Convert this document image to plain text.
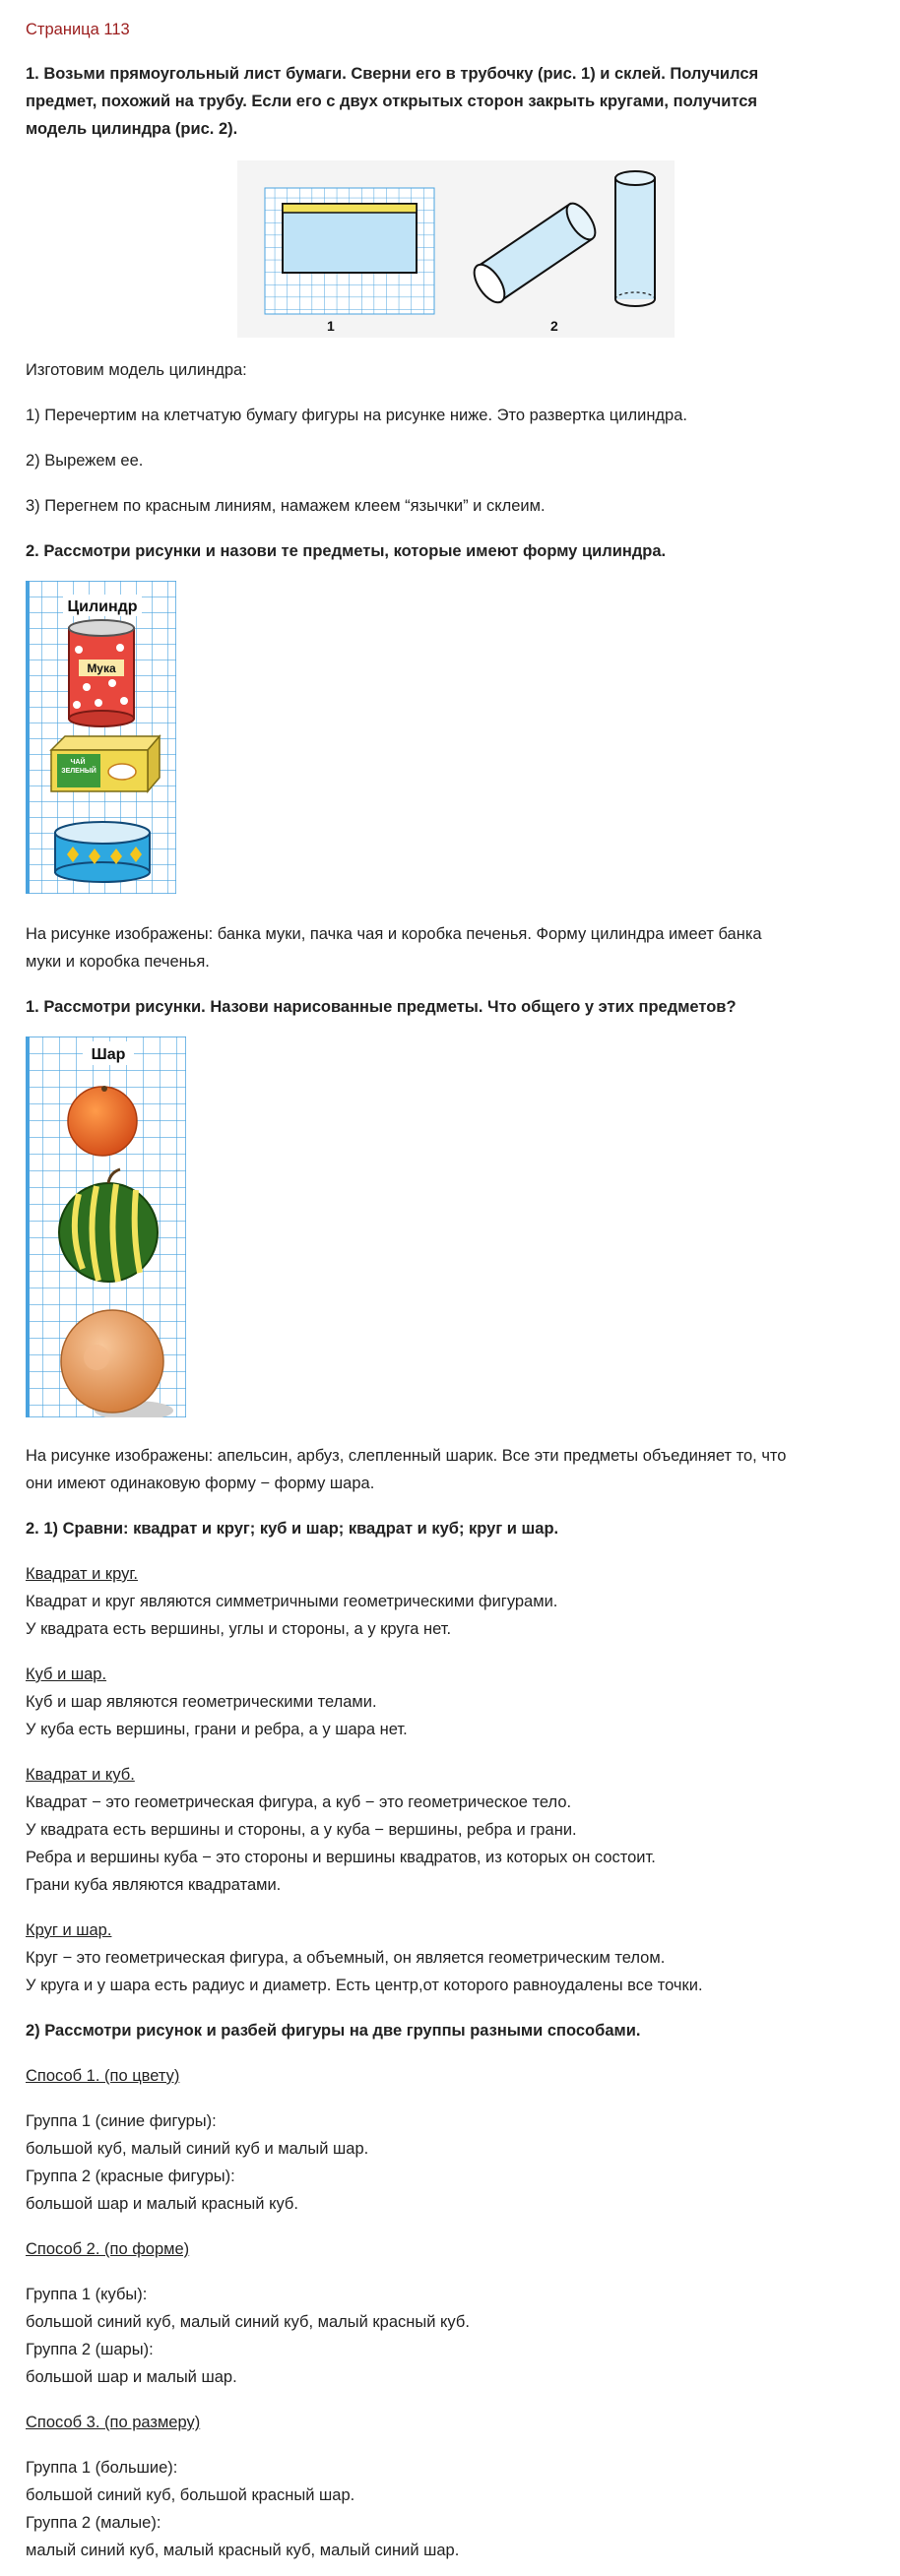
Страница 113
1. Возьми прямоугольный лист бумаги. Сверни его в трубочку (рис. 1) и склей. Получился
предмет, похожий на трубу. Если его с двух открытых сторон закрыть кругами, получится
модель цилиндра (рис. 2).
1	2
Изготовим модель цилиндра:
1) Перечертим на клетчатую бумагу фигуры на рисунке ниже. Это развертка цилиндра.
2) Вырежем ее.
3) Перегнем по красным линиям, намажем клеем “язычки” и склеим.
2. Рассмотри рисунки и назови те предметы, которые имеют форму цилиндра.
Цилиндр
Мука
ЧАЙ
ЗЕЛЕНЫЙ
На рисунке изображены: банка муки, пачка чая и коробка печенья. Форму цилиндра имеет банка
муки и коробка печенья.
1. Рассмотри рисунки. Назови нарисованные предметы. Что общего у этих предметов?
Шар
На рисунке изображены: апельсин, арбуз, слепленный шарик. Все эти предметы объединяет то, что
они имеют одинаковую форму − форму шара.
2. 1) Сравни: квадрат и круг; куб и шар; квадрат и куб; круг и шар.
Квадрат и круг.
Квадрат и круг являются симметричными геометрическими фигурами.
У квадрата есть вершины, углы и стороны, а у круга нет.
Куб и шар.
Куб и шар являются геометрическими телами.
У куба есть вершины, грани и ребра, а у шара нет.
Квадрат и куб.
Квадрат − это геометрическая фигура, а куб − это геометрическое тело.
У квадрата есть вершины и стороны, а у куба − вершины, ребра и грани.
Ребра и вершины куба − это стороны и вершины квадратов, из которых он состоит.
Грани куба являются квадратами.
Круг и шар.
Круг − это геометрическая фигура, а объемный, он является геометрическим телом.
У круга и у шара есть радиус и диаметр. Есть центр,от которого равноудалены все точки.
2) Рассмотри рисунок и разбей фигуры на две группы разными способами.
Способ 1. (по цвету)
Группа 1 (синие фигуры):
большой куб, малый синий куб и малый шар.
Группа 2 (красные фигуры):
большой шар и малый красный куб.
Способ 2. (по форме)
Группа 1 (кубы):
большой синий куб, малый синий куб, малый красный куб.
Группа 2 (шары):
большой шар и малый шар.
Способ 3. (по размеру)
Группа 1 (большие):
большой синий куб, большой красный шар.
Группа 2 (малые):
малый синий куб, малый красный куб, малый синий шар.
